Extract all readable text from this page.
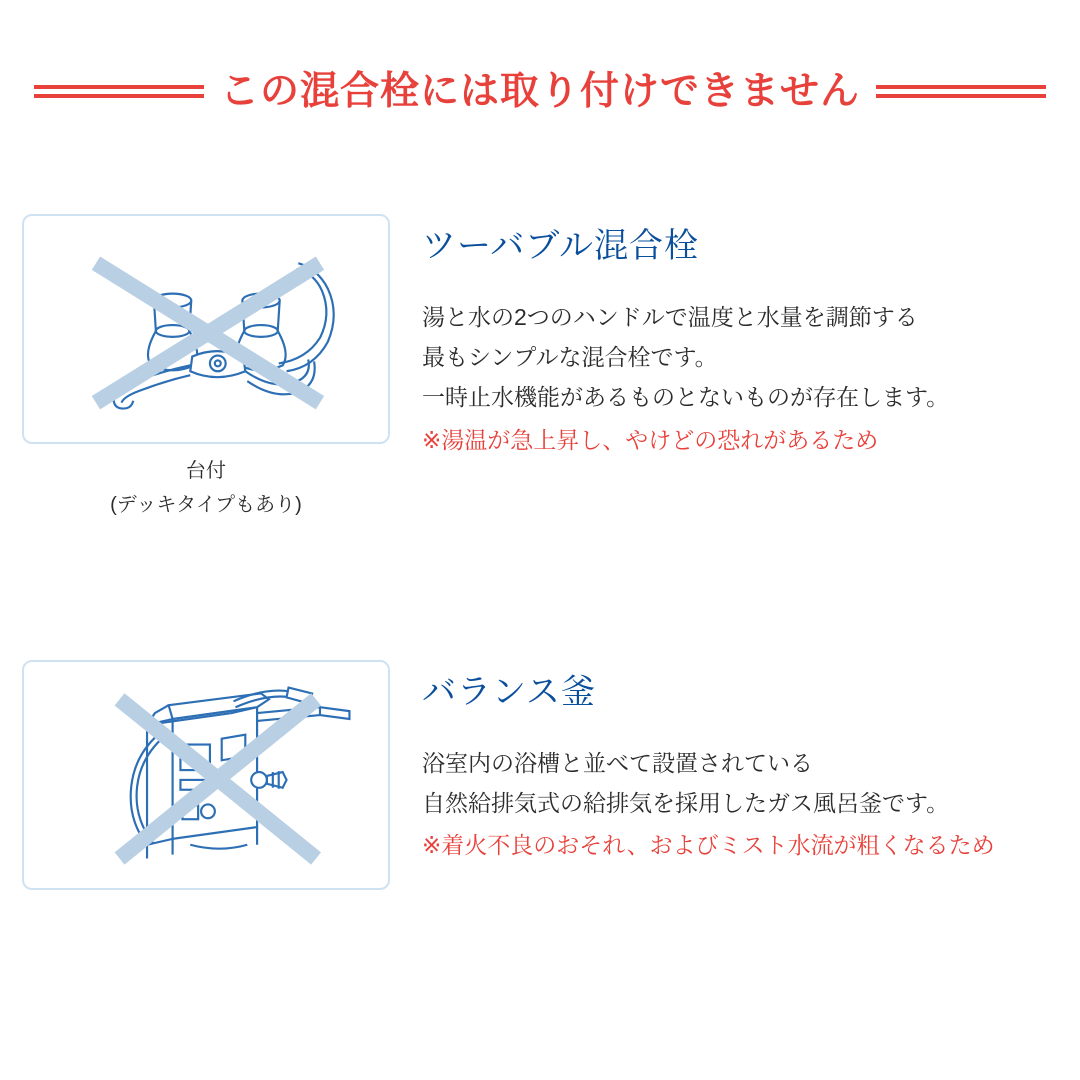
この混合栓には取り付けできません
台付
(デッキタイプもあり)
ツーバブル混合栓
湯と水の2つのハンドルで温度と水量を調節する
最もシンプルな混合栓です。
一時止水機能があるものとないものが存在します。
※湯温が急上昇し、やけどの恐れがあるため
バランス釜
浴室内の浴槽と並べて設置されている
自然給排気式の給排気を採用したガス風呂釜です。
※着火不良のおそれ、およびミスト水流が粗くなるため
